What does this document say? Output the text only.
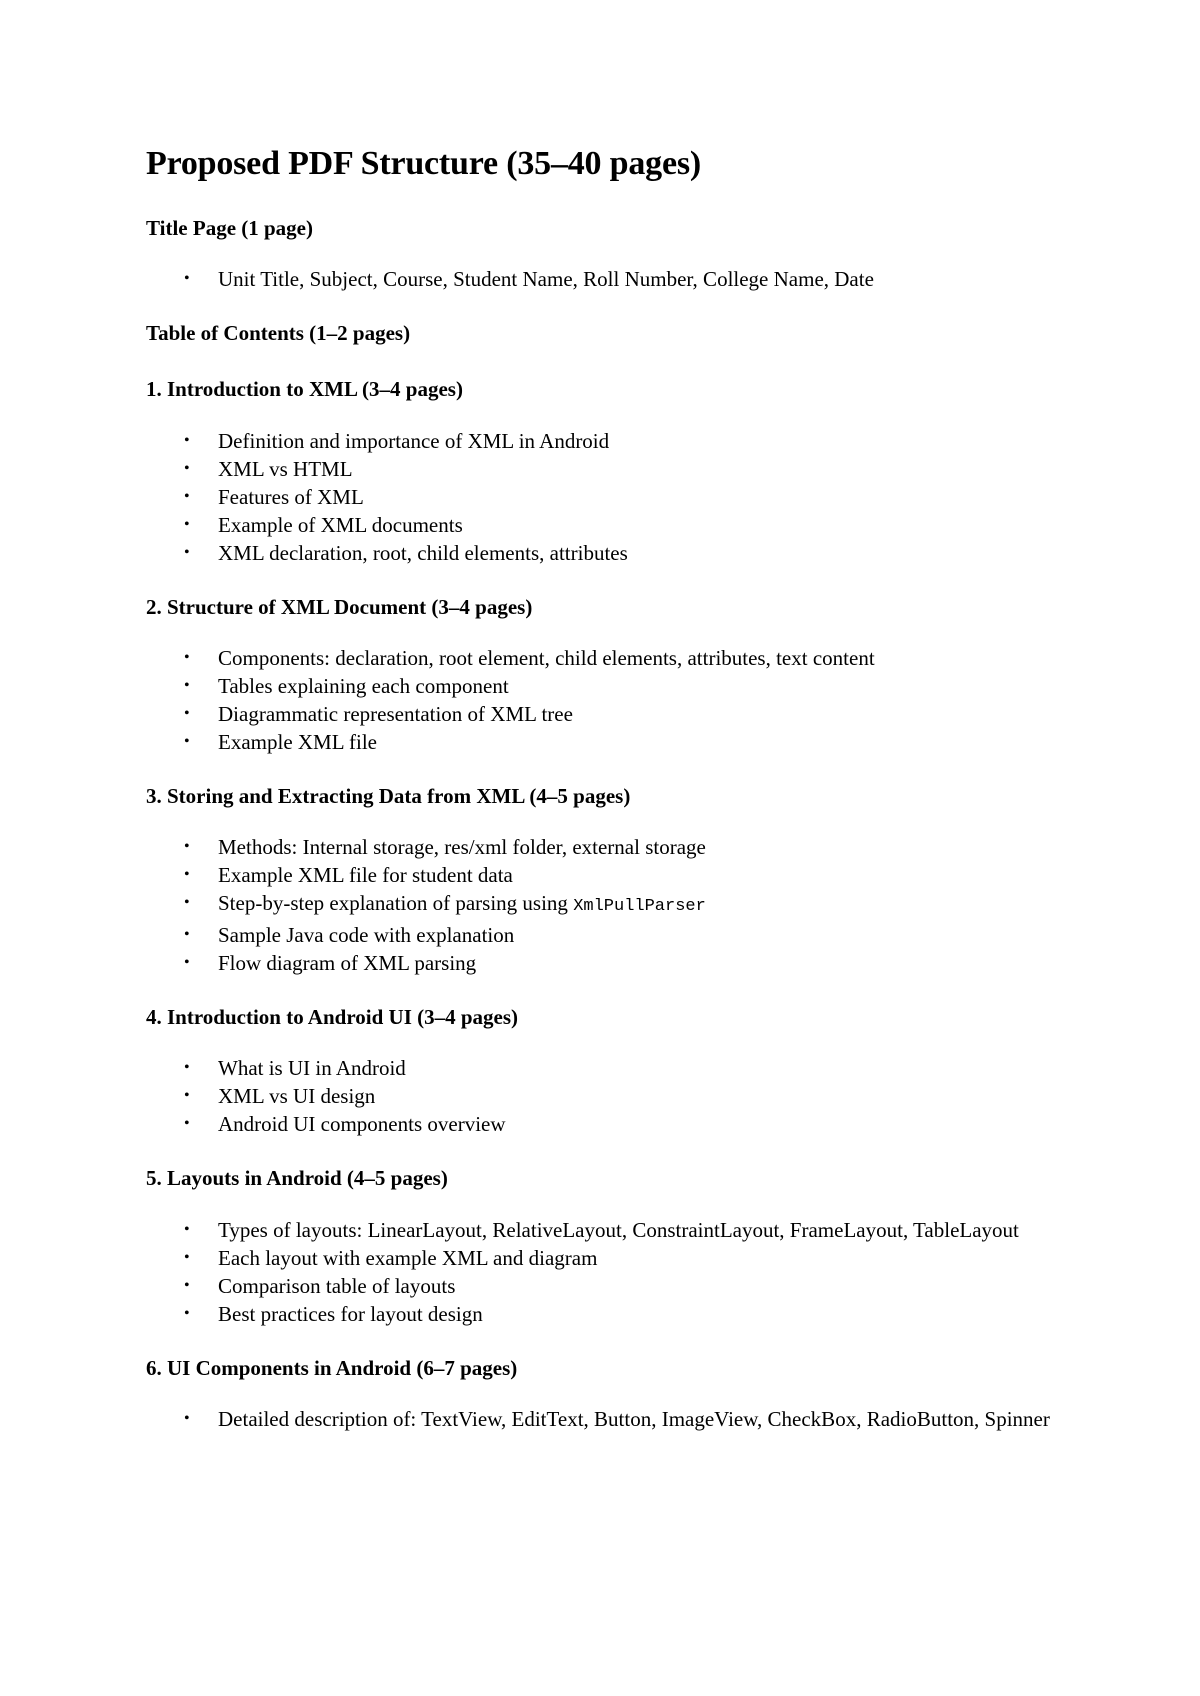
Proposed PDF Structure (35–40 pages)
Title Page (1 page)
• Unit Title, Subject, Course, Student Name, Roll Number, College Name, Date
Table of Contents (1–2 pages)
1. Introduction to XML (3–4 pages)
• Definition and importance of XML in Android
• XML vs HTML
• Features of XML
• Example of XML documents
• XML declaration, root, child elements, attributes
2. Structure of XML Document (3–4 pages)
• Components: declaration, root element, child elements, attributes, text content
• Tables explaining each component
• Diagrammatic representation of XML tree
• Example XML file
3. Storing and Extracting Data from XML (4–5 pages)
• Methods: Internal storage, res/xml folder, external storage
• Example XML file for student data
• Step-by-step explanation of parsing using XmlPullParser
• Sample Java code with explanation
• Flow diagram of XML parsing
4. Introduction to Android UI (3–4 pages)
• What is UI in Android
• XML vs UI design
• Android UI components overview
5. Layouts in Android (4–5 pages)
• Types of layouts: LinearLayout, RelativeLayout, ConstraintLayout, FrameLayout, TableLayout
• Each layout with example XML and diagram
• Comparison table of layouts
• Best practices for layout design
6. UI Components in Android (6–7 pages)
• Detailed description of: TextView, EditText, Button, ImageView, CheckBox, RadioButton, Spinner
